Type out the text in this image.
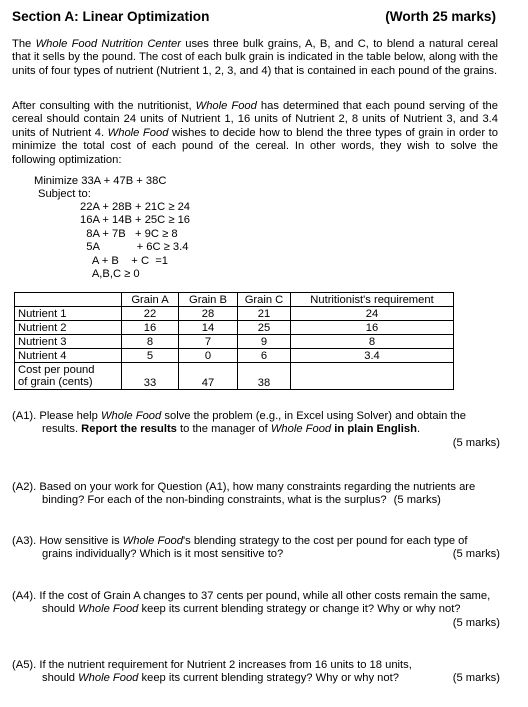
Section A: Linear Optimization	(Worth 25 marks)
The Whole Food Nutrition Center uses three bulk grains, A, B, and C, to blend a natural cereal that it sells by the pound. The cost of each bulk grain is indicated in the table below, along with the units of four types of nutrient (Nutrient 1, 2, 3, and 4) that is contained in each pound of the grains.
After consulting with the nutritionist, Whole Food has determined that each pound serving of the cereal should contain 24 units of Nutrient 1, 16 units of Nutrient 2, 8 units of Nutrient 3, and 3.4 units of Nutrient 4. Whole Food wishes to decide how to blend the three types of grain in order to minimize the total cost of each pound of the cereal. In other words, they wish to solve the following optimization:
Minimize 33A + 47B + 38C
Subject to:
22A + 28B + 21C ≥ 24
16A + 14B + 25C ≥ 16
8A + 7B   + 9C ≥ 8
5A            + 6C ≥ 3.4
A + B    + C  =1
A,B,C ≥ 0
	Grain A	Grain B	Grain C	Nutritionist's requirement
Nutrient 1	22	28	21	24
Nutrient 2	16	14	25	16
Nutrient 3	8	7	9	8
Nutrient 4	5	0	6	3.4

Cost per pound
of grain (cents)	33	47	38	
(A1). Please help Whole Food solve the problem (e.g., in Excel using Solver) and obtain the results. Report the results to the manager of Whole Food in plain English.
(5 marks)
(A2). Based on your work for Question (A1), how many constraints regarding the nutrients are binding? For each of the non-binding constraints, what is the surplus? (5 marks)
(A3). How sensitive is Whole Food's blending strategy to the cost per pound for each type of grains individually? Which is it most sensitive to?	(5 marks)
(A4). If the cost of Grain A changes to 37 cents per pound, while all other costs remain the same, should Whole Food keep its current blending strategy or change it? Why or why not?
(5 marks)
(A5). If the nutrient requirement for Nutrient 2 increases from 16 units to 18 units, should Whole Food keep its current blending strategy? Why or why not?	(5 marks)
